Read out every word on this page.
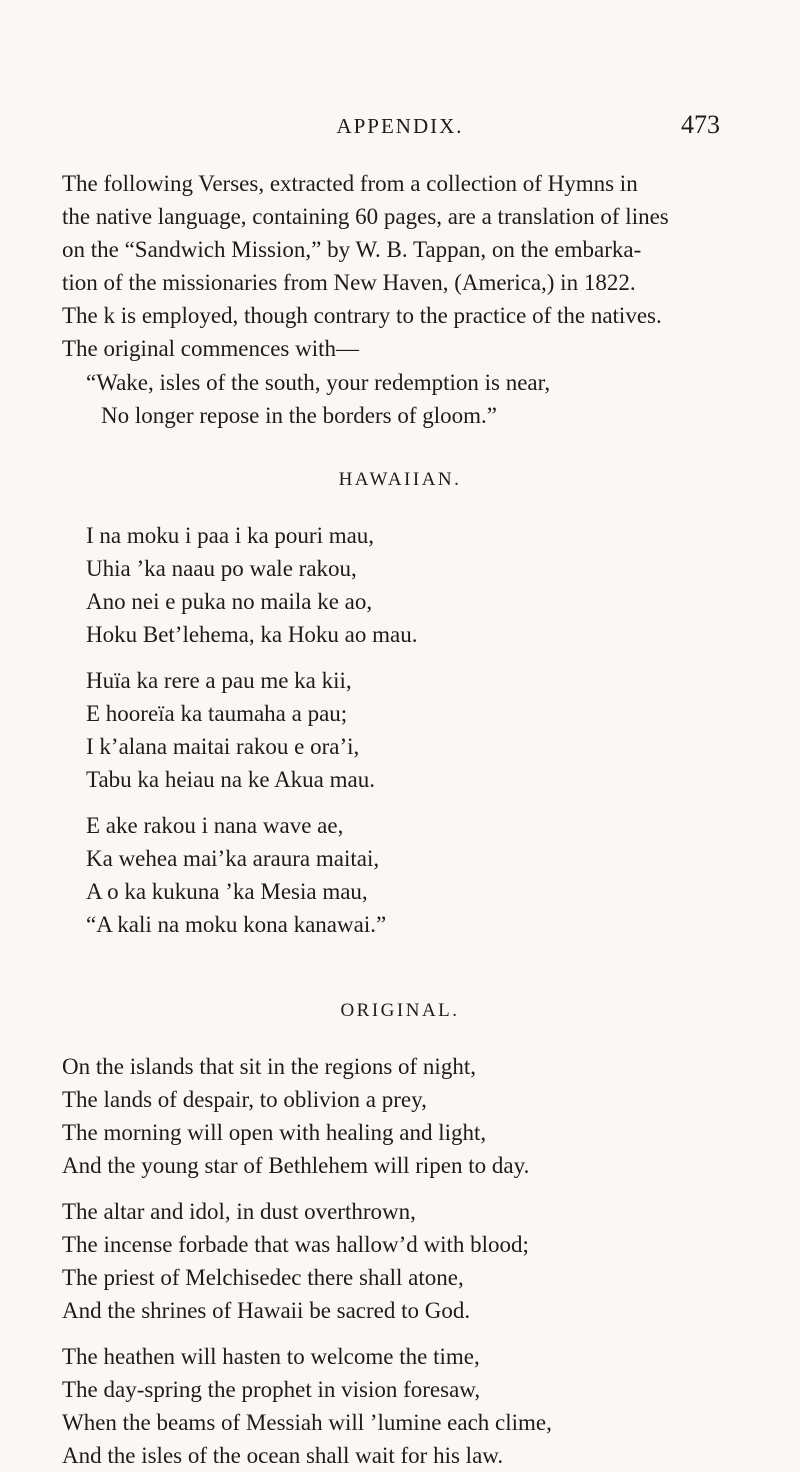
APPENDIX.	473
The following Verses, extracted from a collection of Hymns in
the native language, containing 60 pages, are a translation of lines
on the “Sandwich Mission,” by W. B. Tappan, on the embarka-
tion of the missionaries from New Haven, (America,) in 1822.
The k is employed, though contrary to the practice of the natives.
The original commences with—
“Wake, isles of the south, your redemption is near,
No longer repose in the borders of gloom.”
HAWAIIAN.
I na moku i paa i ka pouri mau,
Uhia ’ka naau po wale rakou,
Ano nei e puka no maila ke ao,
Hoku Bet’lehema, ka Hoku ao mau.
Huïa ka rere a pau me ka kii,
E hooreïa ka taumaha a pau;
I k’alana maitai rakou e ora’i,
Tabu ka heiau na ke Akua mau.
E ake rakou i nana wave ae,
Ka wehea mai’ka araura maitai,
A o ka kukuna ’ka Mesia mau,
“A kali na moku kona kanawai.”
ORIGINAL.
On the islands that sit in the regions of night,
The lands of despair, to oblivion a prey,
The morning will open with healing and light,
And the young star of Bethlehem will ripen to day.
The altar and idol, in dust overthrown,
The incense forbade that was hallow’d with blood;
The priest of Melchisedec there shall atone,
And the shrines of Hawaii be sacred to God.
The heathen will hasten to welcome the time,
The day-spring the prophet in vision foresaw,
When the beams of Messiah will ’lumine each clime,
And the isles of the ocean shall wait for his law.
